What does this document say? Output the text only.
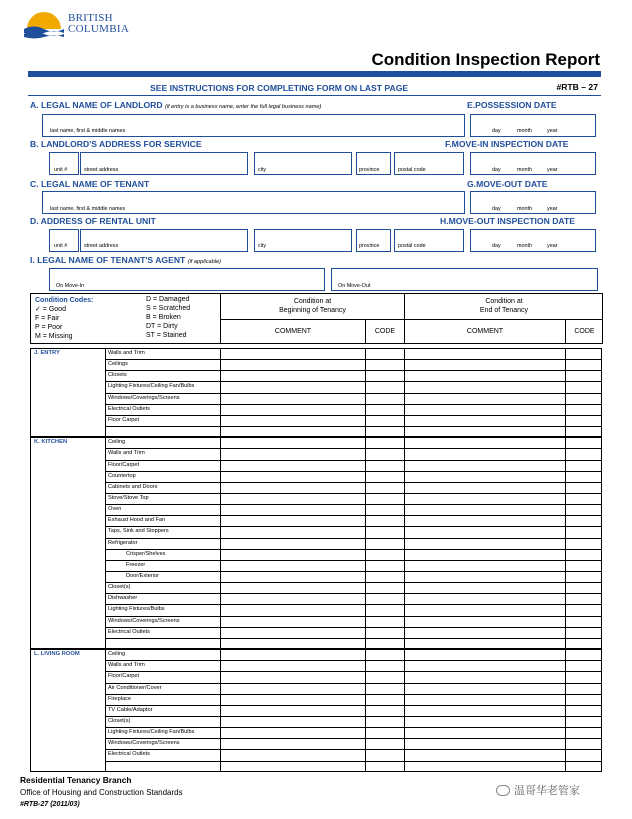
BRITISH
COLUMBIA
Condition Inspection Report
SEE INSTRUCTIONS FOR COMPLETING FORM ON LAST PAGE	#RTB – 27
A. LEGAL NAME OF LANDLORD (if entry is a business name, enter the full legal business name)
last name, first & middle names
E.POSSESSION DATE
day	month	year
B. LANDLORD'S ADDRESS FOR SERVICE
unit #	street address	city	province	postal code
F.MOVE-IN INSPECTION DATE
day	month	year
C. LEGAL NAME OF TENANT
last name, first & middle names
G.MOVE-OUT DATE
day	month	year
D. ADDRESS OF RENTAL UNIT
unit #	street address	city	province	postal code
H.MOVE-OUT INSPECTION DATE
day	month	year
I. LEGAL NAME OF TENANT'S AGENT (if applicable)
On Move-In	On Move-Out
Condition Codes:
✓ = Good
F = Fair
P = Poor
M = Missing
D = Damaged
S = Scratched
B = Broken
DT = Dirty
ST = Stained
Condition at
Beginning of Tenancy
Condition at
End of Tenancy
COMMENT	CODE	COMMENT	CODE
J. ENTRY	Walls and Trim
Ceilings
Closets
Lighting Fixtures/Ceiling Fan/Bulbs
Windows/Coverings/Screens
Electrical Outlets
Floor Carpet
K. KITCHEN	Ceiling
Walls and Trim
Floor/Carpet
Countertop
Cabinets and Doors
Stove/Stove Top
Oven
Exhaust Hood and Fan
Taps, Sink and Stoppers
Refrigerator
Crisper/Shelves
Freezer
Door/Exterior
Closet(s)
Dishwasher
Lighting Fixtures/Bulbs
Windows/Coverings/Screens
Electrical Outlets
L. LIVING ROOM	Ceiling
Walls and Trim
Floor/Carpet
Air Conditioner/Cover
Fireplace
TV Cable/Adaptor
Closet(s)
Lighting Fixtures/Ceiling Fan/Bulbs
Windows/Coverings/Screens
Electrical Outlets
Residential Tenancy Branch
Office of Housing and Construction Standards
#RTB-27 (2011/03)
温哥华老管家
